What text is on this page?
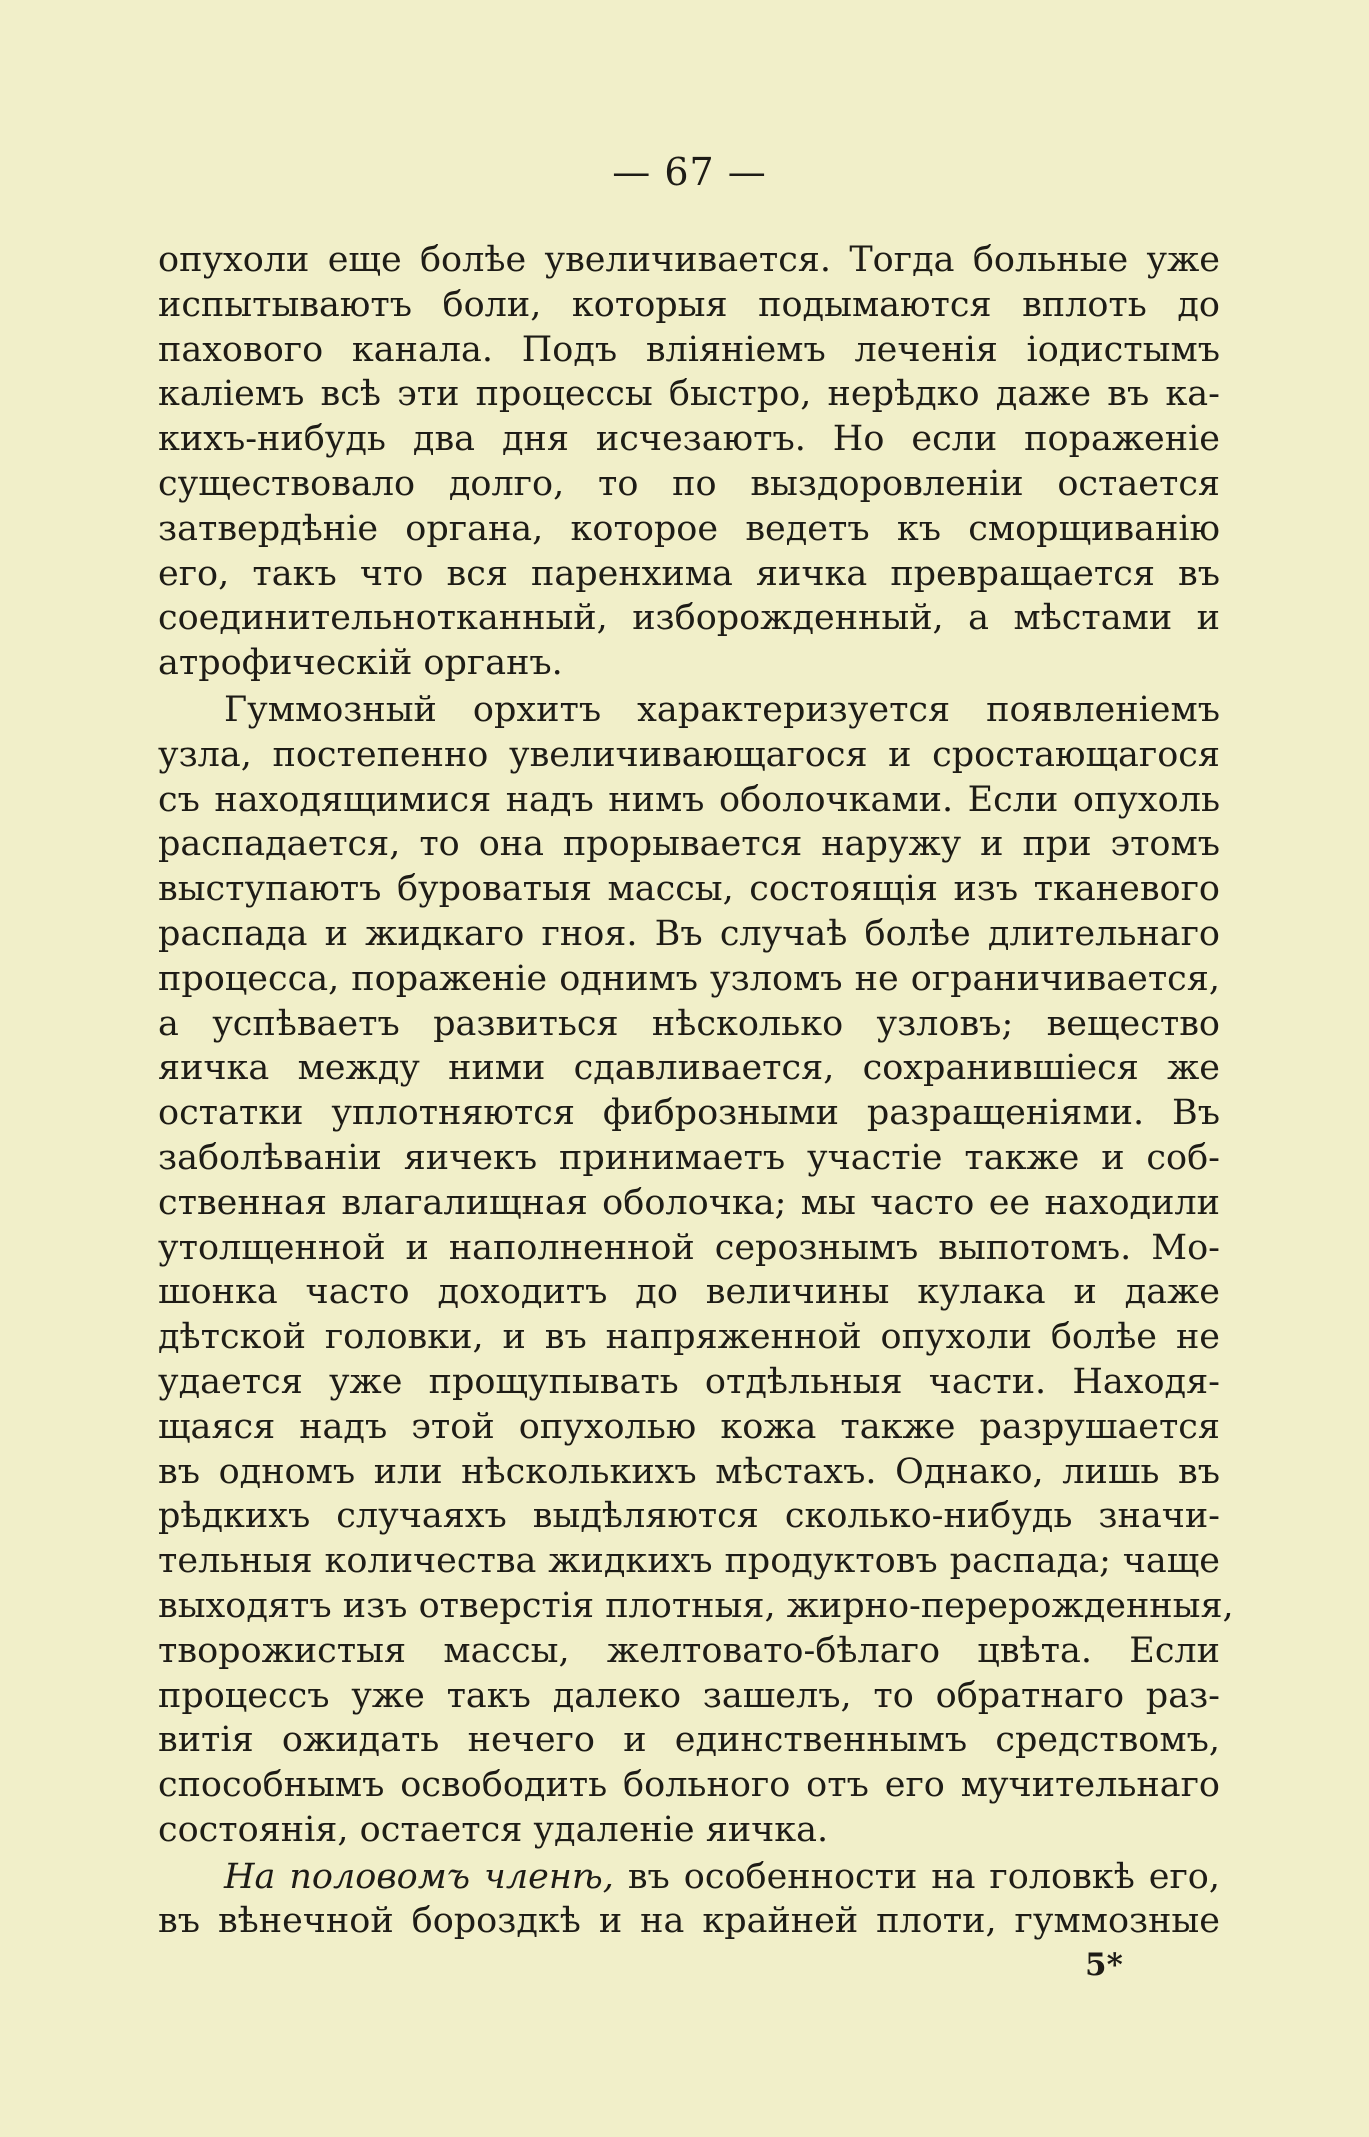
— 67 —
опухоли еще болѣе увеличивается. Тогда больные уже
испытываютъ боли, которыя подымаются вплоть до
пахового канала. Подъ вліяніемъ леченія іодистымъ
каліемъ всѣ эти процессы быстро, нерѣдко даже въ ка-
кихъ-нибудь два дня исчезаютъ. Но если пораженіе
существовало долго, то по выздоровленіи остается
затвердѣніе органа, которое ведетъ къ сморщиванію
его, такъ что вся паренхима яичка превращается въ
соединительнотканный, изборожденный, а мѣстами и
атрофическій органъ.
Гуммозный орхитъ характеризуется появленіемъ
узла, постепенно увеличивающагося и сростающагося
съ находящимися надъ нимъ оболочками. Если опухоль
распадается, то она прорывается наружу и при этомъ
выступаютъ буроватыя массы, состоящія изъ тканевого
распада и жидкаго гноя. Въ случаѣ болѣе длительнаго
процесса, пораженіе однимъ узломъ не ограничивается,
а успѣваетъ развиться нѣсколько узловъ; вещество
яичка между ними сдавливается, сохранившіеся же
остатки уплотняются фиброзными разращеніями. Въ
заболѣваніи яичекъ принимаетъ участіе также и соб-
ственная влагалищная оболочка; мы часто ее находили
утолщенной и наполненной серознымъ выпотомъ. Мо-
шонка часто доходитъ до величины кулака и даже
дѣтской головки, и въ напряженной опухоли болѣе не
удается уже прощупывать отдѣльныя части. Находя-
щаяся надъ этой опухолью кожа также разрушается
въ одномъ или нѣсколькихъ мѣстахъ. Однако, лишь въ
рѣдкихъ случаяхъ выдѣляются сколько-нибудь значи-
тельныя количества жидкихъ продуктовъ распада; чаще
выходятъ изъ отверстія плотныя, жирно-перерожденныя,
творожистыя массы, желтовато-бѣлаго цвѣта. Если
процессъ уже такъ далеко зашелъ, то обратнаго раз-
витія ожидать нечего и единственнымъ средствомъ,
способнымъ освободить больного отъ его мучительнаго
состоянія, остается удаленіе яичка.
На половомъ членѣ, въ особенности на головкѣ его,
въ вѣнечной бороздкѣ и на крайней плоти, гуммозные
5*
